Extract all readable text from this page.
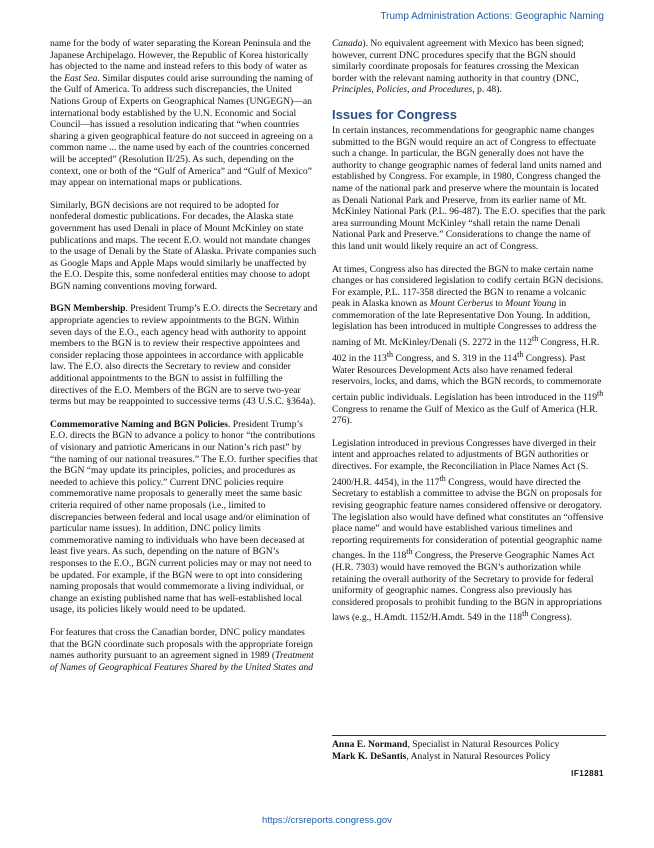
Trump Administration Actions: Geographic Naming

name for the body of water separating the Korean Peninsula and the Japanese Archipelago. However, the Republic of Korea historically has objected to the name and instead refers to this body of water as the East Sea. Similar disputes could arise surrounding the naming of the Gulf of America. To address such discrepancies, the United Nations Group of Experts on Geographical Names (UNGEGN)—an international body established by the U.N. Economic and Social Council—has issued a resolution indicating that “when countries sharing a given geographical feature do not succeed in agreeing on a common name ... the name used by each of the countries concerned will be accepted” (Resolution II/25). As such, depending on the context, one or both of the “Gulf of America” and “Gulf of Mexico” may appear on international maps or publications.

Similarly, BGN decisions are not required to be adopted for nonfederal domestic publications. For decades, the Alaska state government has used Denali in place of Mount McKinley on state publications and maps. The recent E.O. would not mandate changes to the usage of Denali by the State of Alaska. Private companies such as Google Maps and Apple Maps would similarly be unaffected by the E.O. Despite this, some nonfederal entities may choose to adopt BGN naming conventions moving forward.

BGN Membership. President Trump’s E.O. directs the Secretary and appropriate agencies to review appointments to the BGN. Within seven days of the E.O., each agency head with authority to appoint members to the BGN is to review their respective appointees and consider replacing those appointees in accordance with applicable law. The E.O. also directs the Secretary to review and consider additional appointments to the BGN to assist in fulfilling the directives of the E.O. Members of the BGN are to serve two-year terms but may be reappointed to successive terms (43 U.S.C. §364a).

Commemorative Naming and BGN Policies. President Trump’s E.O. directs the BGN to advance a policy to honor “the contributions of visionary and patriotic Americans in our Nation’s rich past” by “the naming of our national treasures.” The E.O. further specifies that the BGN “may update its principles, policies, and procedures as needed to achieve this policy.” Current DNC policies require commemorative name proposals to generally meet the same basic criteria required of other name proposals (i.e., limited to discrepancies between federal and local usage and/or elimination of particular name issues). In addition, DNC policy limits commemorative naming to individuals who have been deceased at least five years. As such, depending on the nature of BGN’s responses to the E.O., BGN current policies may or may not need to be updated. For example, if the BGN were to opt into considering naming proposals that would commemorate a living individual, or change an existing published name that has well-established local usage, its policies likely would need to be updated.

For features that cross the Canadian border, DNC policy mandates that the BGN coordinate such proposals with the appropriate foreign names authority pursuant to an agreement signed in 1989 (Treatment of Names of Geographical Features Shared by the United States and

Canada). No equivalent agreement with Mexico has been signed; however, current DNC procedures specify that the BGN should similarly coordinate proposals for features crossing the Mexican border with the relevant naming authority in that country (DNC, Principles, Policies, and Procedures, p. 48).

Issues for Congress

In certain instances, recommendations for geographic name changes submitted to the BGN would require an act of Congress to effectuate such a change. In particular, the BGN generally does not have the authority to change geographic names of federal land units named and established by Congress. For example, in 1980, Congress changed the name of the national park and preserve where the mountain is located as Denali National Park and Preserve, from its earlier name of Mt. McKinley National Park (P.L. 96-487). The E.O. specifies that the park area surrounding Mount McKinley “shall retain the name Denali National Park and Preserve.” Considerations to change the name of this land unit would likely require an act of Congress.

At times, Congress also has directed the BGN to make certain name changes or has considered legislation to codify certain BGN decisions. For example, P.L. 117-358 directed the BGN to rename a volcanic peak in Alaska known as Mount Cerberus to Mount Young in commemoration of the late Representative Don Young. In addition, legislation has been introduced in multiple Congresses to address the naming of Mt. McKinley/Denali (S. 2272 in the 112th Congress, H.R. 402 in the 113th Congress, and S. 319 in the 114th Congress). Past Water Resources Development Acts also have renamed federal reservoirs, locks, and dams, which the BGN records, to commemorate certain public individuals. Legislation has been introduced in the 119th Congress to rename the Gulf of Mexico as the Gulf of America (H.R. 276).

Legislation introduced in previous Congresses have diverged in their intent and approaches related to adjustments of BGN authorities or directives. For example, the Reconciliation in Place Names Act (S. 2400/H.R. 4454), in the 117th Congress, would have directed the Secretary to establish a committee to advise the BGN on proposals for revising geographic feature names considered offensive or derogatory. The legislation also would have defined what constitutes an “offensive place name” and would have established various timelines and reporting requirements for consideration of potential geographic name changes. In the 118th Congress, the Preserve Geographic Names Act (H.R. 7303) would have removed the BGN’s authorization while retaining the overall authority of the Secretary to provide for federal uniformity of geographic names. Congress also previously has considered proposals to prohibit funding to the BGN in appropriations laws (e.g., H.Amdt. 1152/H.Amdt. 549 in the 118th Congress).

Anna E. Normand, Specialist in Natural Resources Policy
Mark K. DeSantis, Analyst in Natural Resources Policy
IF12881
https://crsreports.congress.gov
